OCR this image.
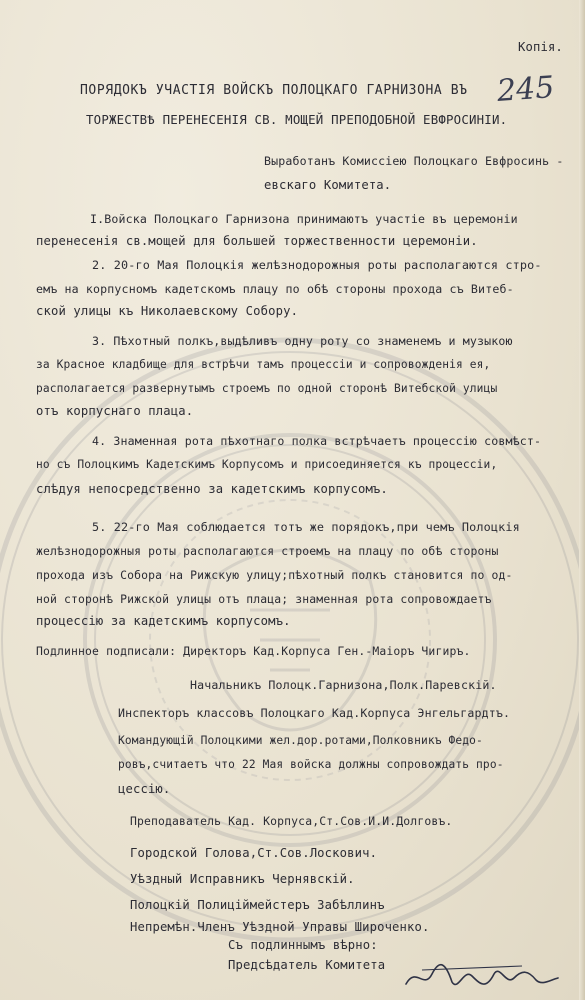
Копія.
245
ПОРЯДОКЪ УЧАСТІЯ ВОЙСКЪ ПОЛОЦКАГО ГАРНИЗОНА ВЪ
ТОРЖЕСТВѢ ПЕРЕНЕСЕНІЯ СВ. МОЩЕЙ ПРЕПОДОБНОЙ ЕВФРОСИНІИ.
Выработанъ Комиссiею Полоцкаго Евфросинь -
евскаго Комитета.
І.Войска Полоцкаго Гарнизона принимаютъ участіе въ церемоніи
перенесенія св.мощей для большей торжественности церемоніи.
2. 20-го Мая Полоцкія желѣзнодорожныя роты располагаются стро-
емъ на корпусномъ кадетскомъ плацу по обѣ стороны прохода съ Витеб-
ской улицы къ Николаевскому Собору.
3. Пѣхотный полкъ,выдѣливъ одну роту со знаменемъ и музыкою
за Красное кладбище для встрѣчи тамъ процессіи и сопровожденія ея,
располагается развернутымъ строемъ по одной сторонѣ Витебской улицы
отъ корпуснаго плаца.
4. Знаменная рота пѣхотнаго полка встрѣчаетъ процессію совмѣст-
но съ Полоцкимъ Кадетскимъ Корпусомъ и присоединяется къ процессіи,
слѣдуя непосредственно за кадетскимъ корпусомъ.
5. 22-го Мая соблюдается тотъ же порядокъ,при чемъ Полоцкія
желѣзнодорожныя роты располагаются строемъ на плацу по обѣ стороны
прохода изъ Собора на Рижскую улицу;пѣхотный полкъ становится по од-
ной сторонѣ Рижской улицы отъ плаца; знаменная рота сопровождаетъ
процессію за кадетскимъ корпусомъ.
Подлинное подписали: Директоръ Кад.Корпуса Ген.-Маіоръ Чигиръ.
Начальникъ Полоцк.Гарнизона,Полк.Паревскій.
Инспекторъ классовъ Полоцкаго Кад.Корпуса Энгельгардтъ.
Командующій Полоцкими жел.дор.ротами,Полковникъ Федо-
ровъ,считаетъ что 22 Мая войска должны сопровождать про-
цессію.
Преподаватель Кад. Корпуса,Ст.Сов.И.И.Долговъ.
Городской Голова,Ст.Сов.Лоскович.
Уѣздный Исправникъ Чернявскій.
Полоцкій Полиціймейстеръ Забѣллинъ
Непремѣн.Членъ Уѣздной Управы Широченко.
Съ подлиннымъ вѣрно:
Предсѣдатель Комитета
